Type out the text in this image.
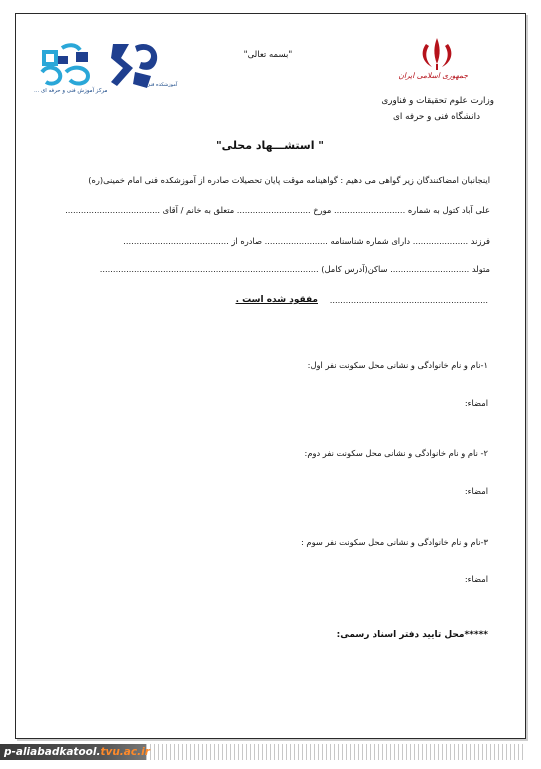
جمهوری اسلامی ایران
آموزشکده فنی ...
مرکز آموزش فنی و حرفه ای ...
"بسمه تعالی"
وزارت علوم تحقیقات و فناوری
دانشگاه فنی و حرفه ای
" استشـــهاد محلی"
اینجانبان امضاکنندگان زیر گواهی می دهیم : گواهینامه موقت پایان تحصیلات صادره از آموزشکده فنی امام خمینی(ره)
علی آباد کتول به شماره ........................... مورخ ............................ متعلق به خانم / آقای ....................................
فرزند ..................... دارای شماره شناسنامه ........................ صادره از ........................................
متولد .............................. ساکن(آدرس کامل) ...................................................................................
مفقود شده است .	............................................................
۱-نام و نام خانوادگی و نشانی محل سکونت نفر اول:
امضاء:
۲- نام و نام خانوادگی و نشانی محل سکونت نفر دوم:
امضاء:
۳-نام و نام خانوادگی و نشانی محل سکونت نفر سوم :
امضاء:
*****محل تایید دفتر اسناد رسمی:
p-aliabadkatool.tvu.ac.ir
